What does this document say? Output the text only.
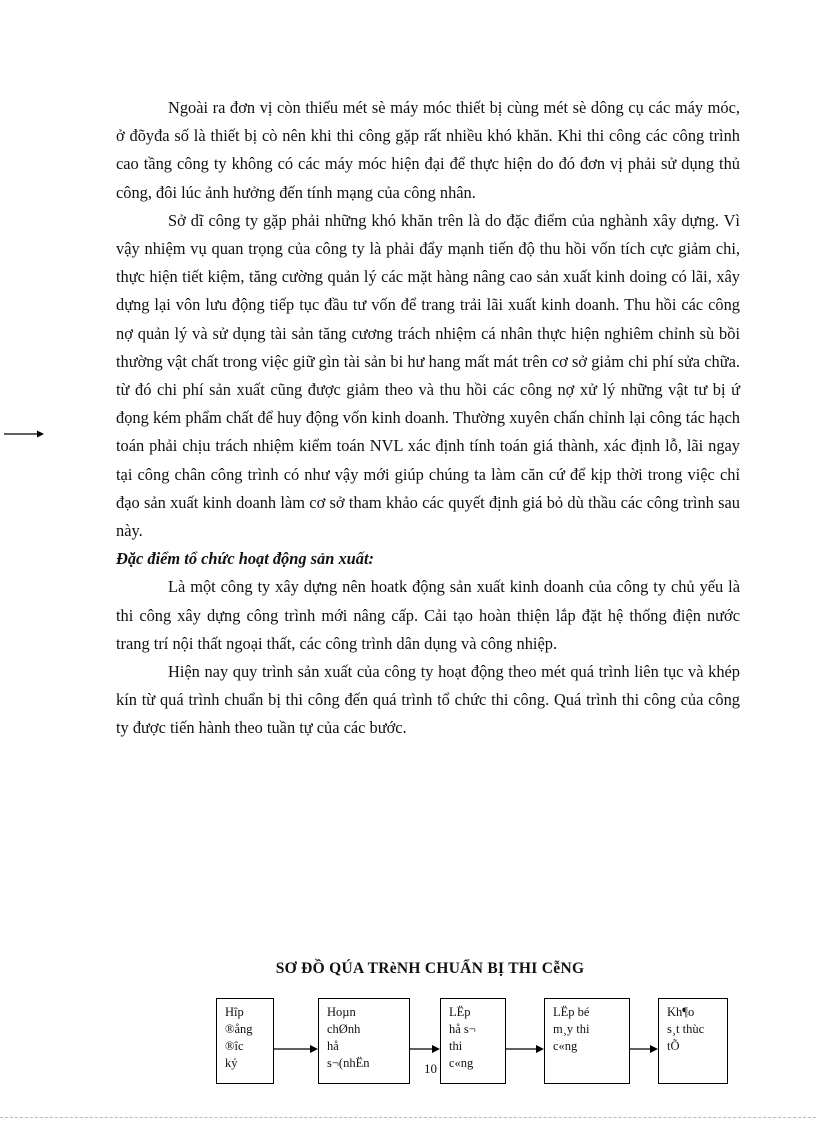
Ngoài ra đơn vị còn thiếu mét sè máy móc thiết bị cùng mét sè dông cụ các máy móc, ở đõyđa số là thiết bị cò nên khi thi công gặp rất nhiều khó khăn. Khi thi công các công trình cao tầng công ty không có các máy móc hiện đại để thực hiện do đó đơn vị phải sử dụng thủ công, đôi lúc ảnh hưởng đến tính mạng của công nhân.

Sở dĩ công ty gặp phải những khó khăn trên là do đặc điểm của nghành xây dựng. Vì vậy nhiệm vụ quan trọng của công ty là phải đẩy mạnh tiến độ thu hồi vốn tích cực giảm chi, thực hiện tiết kiệm, tăng cường quản lý các mặt hàng nâng cao sản xuất kinh doing có lãi, xây dựng lại vôn lưu động tiếp tục đầu tư vốn để trang trải lãi xuất kinh doanh. Thu hồi các công nợ quản lý và sử dụng tài sản tăng cương trách nhiệm cá nhân thực hiện nghiêm chỉnh sù bồi thường vật chất trong việc giữ gìn tài sản bi hư hang mất mát trên cơ sở giảm chi phí sửa chữa. từ đó chi phí sản xuất cũng được giảm theo và thu hồi các công nợ xử lý những vật tư bị ứ đọng kém phẩm chất để huy động vốn kinh doanh. Thường xuyên chấn chỉnh lại công tác hạch toán phải chịu trách nhiệm kiểm toán NVL xác định tính toán giá thành, xác định lỗ, lãi ngay tại công chân công trình có như vậy mới giúp chúng ta làm căn cứ để kịp thời trong việc chỉ đạo sản xuất kinh doanh làm cơ sở tham khảo các quyết định giá bỏ dù thầu các công trình sau này.

Đặc điểm tổ chức hoạt động sản xuất:

Là một công ty xây dựng nên hoatk động sản xuất kinh doanh của công ty chủ yếu là thi công xây dựng công trình mới nâng cấp. Cải tạo hoàn thiện lắp đặt hệ thống điện nước trang trí nội thất ngoại thất, các công trình dân dụng và công nhiệp.

Hiện nay quy trình sản xuất của công ty hoạt động theo mét quá trình liên tục và khép kín từ quá trình chuẩn bị thi công đến quá trình tổ chức thi công. Quá trình thi công của công ty được tiến hành theo tuần tự của các bước.

SƠ ĐỒ QÚA TRèNH CHUẨN BỊ THI CễNG
Hîp
®ång
®îc
ký
Hoµn
chØnh
hå
s¬(nhËn
LËp
hå s¬
thi
c«ng
LËp bé
m¸y thi
c«ng
Kh¶o
s¸t thùc
tÕ
10
